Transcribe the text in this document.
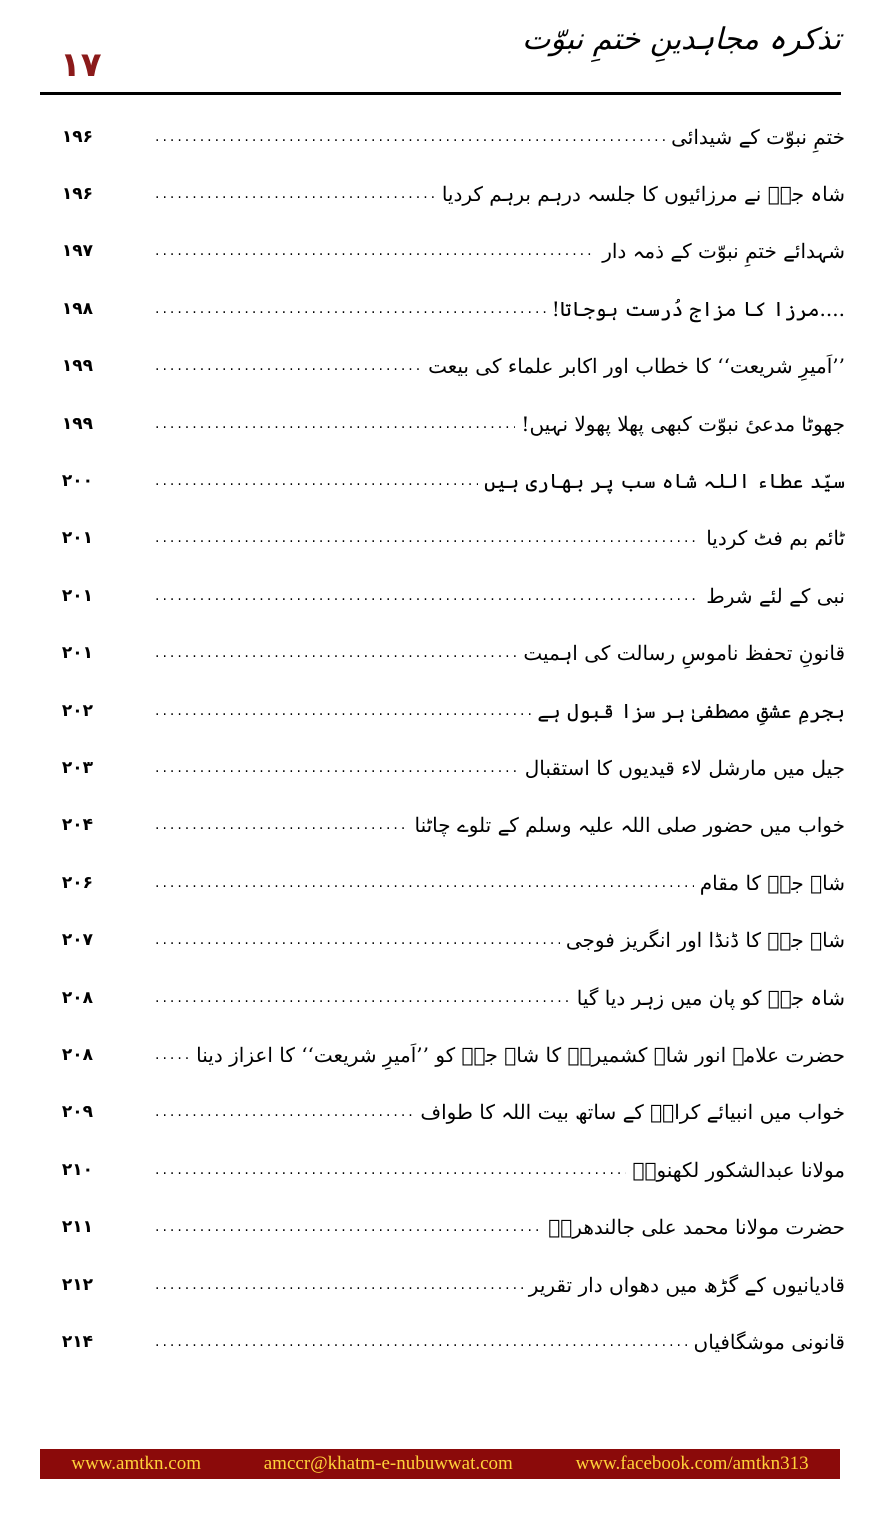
۱۷
تذکرہ مجاہدینِ ختمِ نبوّت
ختمِ نبوّت کے شیدائی
.....
۱۹۶
شاہ جیؒ نے مرزائیوں کا جلسہ درہم برہم کردیا
.....
۱۹۶
شہدائے ختمِ نبوّت کے ذمہ دار
.....
۱۹۷
....مرزا کا مزاج دُرست ہوجاتا!
.....
۱۹۸
’’اَمیرِ شریعت‘‘ کا خطاب اور اکابر علماء کی بیعت
.....
۱۹۹
جھوٹا مدعیٔ نبوّت کبھی پھلا پھولا نہیں!
.....
۱۹۹
سیّد عطاء اللہ شاہ سب پر بھاری ہیں
.....
۲۰۰
ٹائم بم فٹ کردیا
.....
۲۰۱
نبی کے لئے شرط
.....
۲۰۱
قانونِ تحفظ ناموسِ رسالت کی اہمیت
.....
۲۰۱
بجرمِ عشقِ مصطفیٰ ہر سزا قبول ہے
.....
۲۰۲
جیل میں مارشل لاء قیدیوں کا استقبال
.....
۲۰۳
خواب میں حضور صلی اللہ علیہ وسلم کے تلوے چاٹنا
.....
۲۰۴
شاہ جیؒ کا مقام
.....
۲۰۶
شاہ جیؒ کا ڈنڈا اور انگریز فوجی
.....
۲۰۷
شاہ جیؒ کو پان میں زہر دیا گیا
.....
۲۰۸
حضرت علامہ انور شاہ کشمیریؒ کا شاہ جیؒ کو ’’اَمیرِ شریعت‘‘ کا اعزاز دینا
.....
۲۰۸
خواب میں انبیائے کرامؑ کے ساتھ بیت اللہ کا طواف
.....
۲۰۹
مولانا عبدالشکور لکھنویؒ
.....
۲۱۰
حضرت مولانا محمد علی جالندھریؒ
.....
۲۱۱
قادیانیوں کے گڑھ میں دھواں دار تقریر
.....
۲۱۲
قانونی موشگافیاں
.....
۲۱۴
www.amtkn.com	amccr@khatm-e-nubuwwat.com	www.facebook.com/amtkn313
